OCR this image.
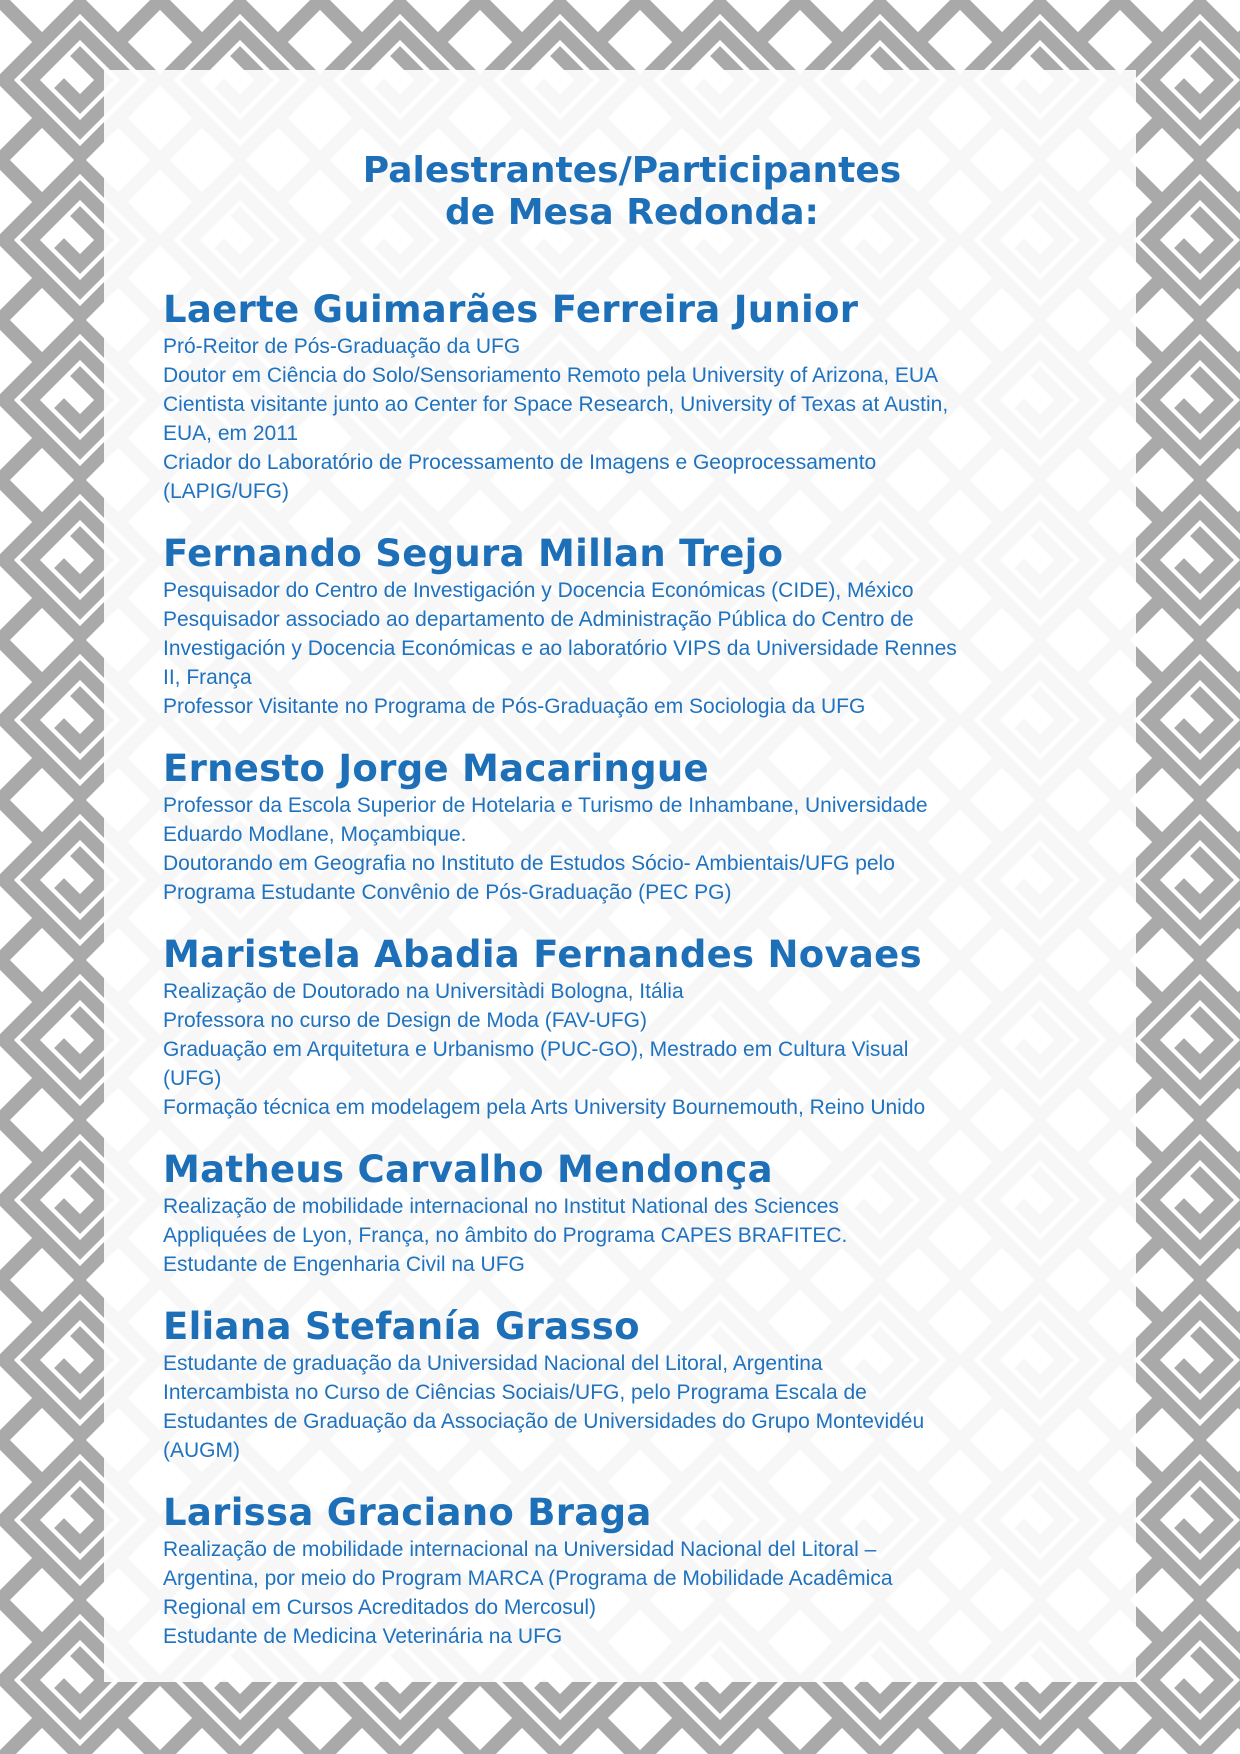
Palestrantes/Participantes
de Mesa Redonda:
Laerte Guimarães Ferreira Junior

Pró-Reitor de Pós-Graduação da UFG

Doutor em Ciência do Solo/Sensoriamento Remoto pela University of Arizona, EUA

Cientista visitante junto ao Center for Space Research, University of Texas at Austin,

EUA, em 2011

Criador do Laboratório de Processamento de Imagens e Geoprocessamento

(LAPIG/UFG)

Fernando Segura Millan Trejo

Pesquisador do Centro de Investigación y Docencia Económicas (CIDE), México

Pesquisador associado ao departamento de Administração Pública do Centro de

Investigación y Docencia Económicas e ao laboratório VIPS da Universidade Rennes

II, França

Professor Visitante no Programa de Pós-Graduação em Sociologia da UFG

Ernesto Jorge Macaringue

Professor da Escola Superior de Hotelaria e Turismo de Inhambane, Universidade

Eduardo Modlane, Moçambique.

Doutorando em Geografia no Instituto de Estudos Sócio- Ambientais/UFG pelo

Programa Estudante Convênio de Pós-Graduação (PEC PG)

Maristela Abadia Fernandes Novaes

Realização de Doutorado na Universitàdi Bologna, Itália

Professora no curso de Design de Moda (FAV-UFG)

Graduação em Arquitetura e Urbanismo (PUC-GO), Mestrado em Cultura Visual

(UFG)

Formação técnica em modelagem pela Arts University Bournemouth, Reino Unido

Matheus Carvalho Mendonça

Realização de mobilidade internacional no Institut National des Sciences

Appliquées de Lyon, França, no âmbito do Programa CAPES BRAFITEC.

Estudante de Engenharia Civil na UFG

Eliana Stefanía Grasso

Estudante de graduação da Universidad Nacional del Litoral, Argentina

Intercambista no Curso de Ciências Sociais/UFG, pelo Programa Escala de

Estudantes de Graduação da Associação de Universidades do Grupo Montevidéu

(AUGM)

Larissa Graciano Braga

Realização de mobilidade internacional na Universidad Nacional del Litoral –

Argentina, por meio do Program MARCA (Programa de Mobilidade Acadêmica

Regional em Cursos Acreditados do Mercosul)

Estudante de Medicina Veterinária na UFG
